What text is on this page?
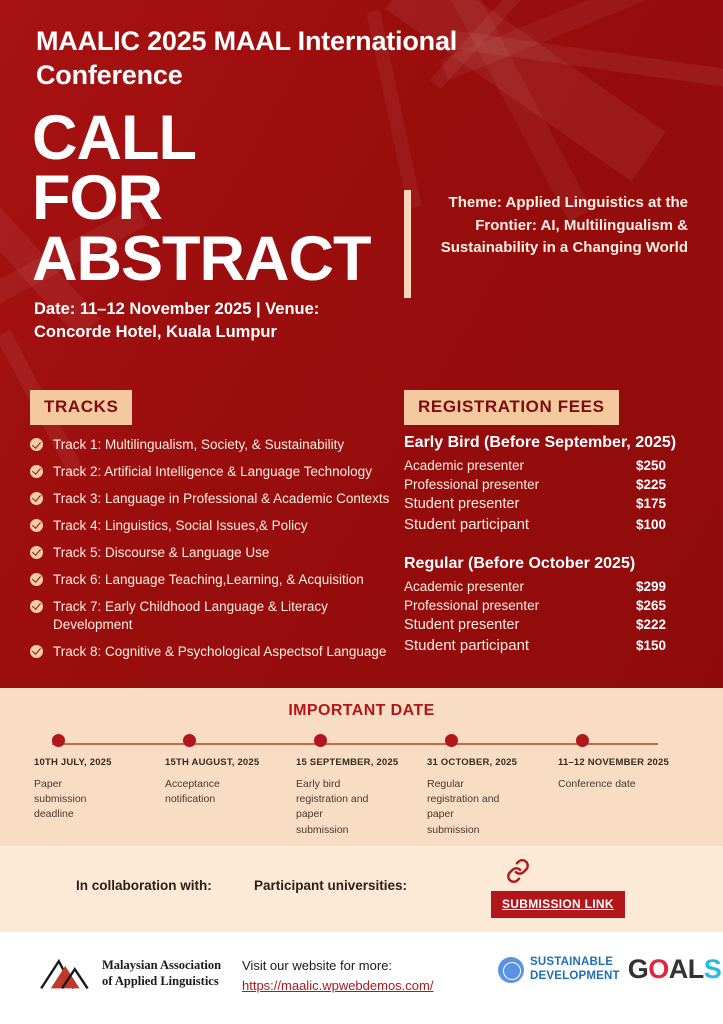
MAALIC 2025 MAAL International Conference
CALL
FOR
ABSTRACT
Theme: Applied Linguistics at the Frontier: AI, Multilingualism & Sustainability in a Changing World
Date: 11–12 November 2025 | Venue: Concorde Hotel, Kuala Lumpur
TRACKS	REGISTRATION FEES
Track 1: Multilingualism, Society, & Sustainability
Track 2: Artificial Intelligence & Language Technology
Track 3: Language in Professional & Academic Contexts
Track 4: Linguistics, Social Issues,& Policy
Track 5: Discourse & Language Use
Track 6: Language Teaching,Learning, & Acquisition
Track 7: Early Childhood Language & Literacy Development
Track 8: Cognitive & Psychological Aspectsof Language
Early Bird (Before September, 2025)
Academic presenter	$250
Professional presenter	$225
Student presenter	$175
Student participant	$100
Regular (Before October 2025)
Academic presenter	$299
Professional presenter	$265
Student presenter	$222
Student participant	$150
IMPORTANT DATE
10TH JULY, 2025
Paper submission deadline
15TH AUGUST, 2025
Acceptance notification
15 SEPTEMBER, 2025
Early bird registration and paper submission
31 OCTOBER, 2025
Regular registration and paper submission
11–12 NOVEMBER 2025
Conference date
In collaboration with:	Participant universities:
SUBMISSION LINK
Malaysian Association
of Applied Linguistics
Visit our website for more:
https://maalic.wpwebdemos.com/
SUSTAINABLE
DEVELOPMENT GOALS
